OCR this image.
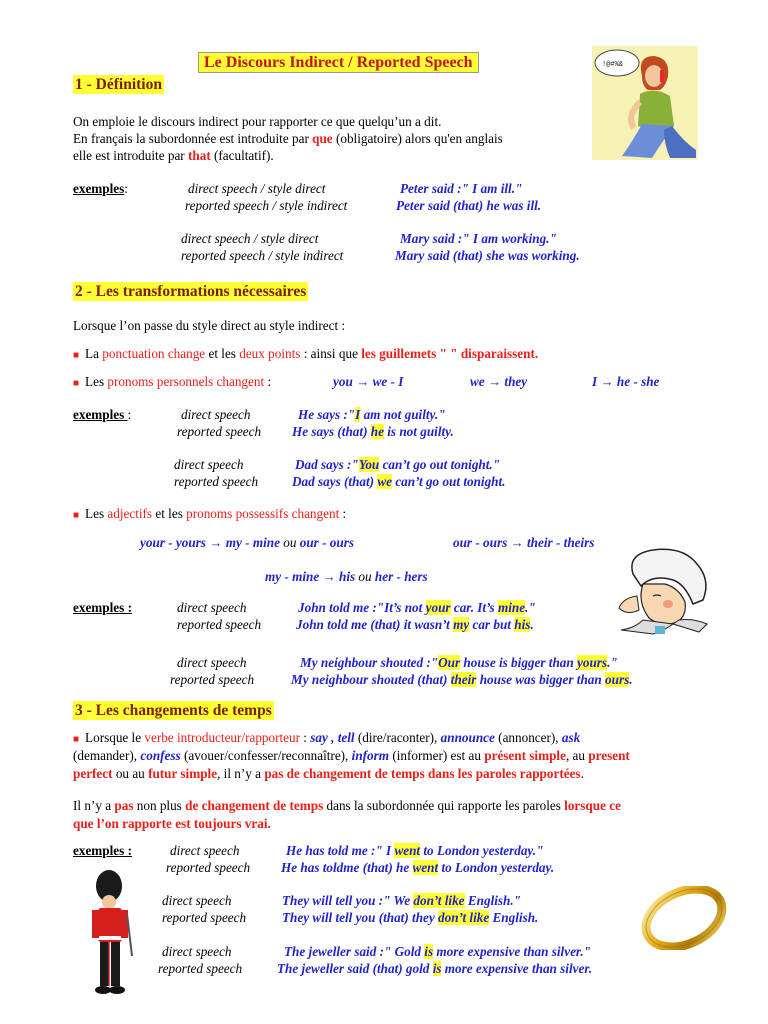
Le Discours Indirect / Reported Speech
1 - Définition
On emploie le discours indirect pour rapporter ce que quelqu’un a dit.
En français la subordonnée est introduite par que (obligatoire) alors qu'en anglais
elle est introduite par that (facultatif).
exemples:	direct speech / style direct	Peter said :" I am ill."
reported speech / style indirect	Peter said (that) he was ill.
direct speech / style direct	Mary said :" I am working."
reported speech / style indirect	Mary said (that) she was working.
2 - Les transformations nécessaires
Lorsque l’on passe du style direct au style indirect :
■ La ponctuation change et les deux points : ainsi que les guillemets " " disparaissent.
■ Les pronoms personnels changent :	you → we - I	we → they	I → he - she
exemples :	direct speech	He says :"I am not guilty."
reported speech He says (that) he is not guilty.
direct speech	Dad says :"You can’t go out tonight."
reported speech	Dad says (that) we can’t go out tonight.
■ Les adjectifs et les pronoms possessifs changent :
your - yours → my - mine ou our - ours	our - ours → their - theirs
my - mine → his ou her - hers
exemples :	direct speech	John told me :"It’s not your car. It’s mine."
reported speech	John told me (that) it wasn’t my car but his.
direct speech	My neighbour shouted :"Our house is bigger than yours."
reported speech	My neighbour shouted (that) their house was bigger than ours.
3 - Les changements de temps
■ Lorsque le verbe introducteur/rapporteur : say , tell (dire/raconter), announce (annoncer), ask
(demander), confess (avouer/confesser/reconnaître), inform (informer) est au présent simple, au present
perfect ou au futur simple, il n’y a pas de changement de temps dans les paroles rapportées.
Il n’y a pas non plus de changement de temps dans la subordonnée qui rapporte les paroles lorsque ce
que l’on rapporte est toujours vrai.
exemples :	direct speech	He has told me :" I went to London yesterday."
reported speech He has toldme (that) he went to London yesterday.
direct speech	They will tell you :" We don’t like English."
reported speech	They will tell you (that) they don’t like English.
direct speech	The jeweller said :" Gold is more expensive than silver."
reported speech	The jeweller said (that) gold is more expensive than silver.
!@#%&
